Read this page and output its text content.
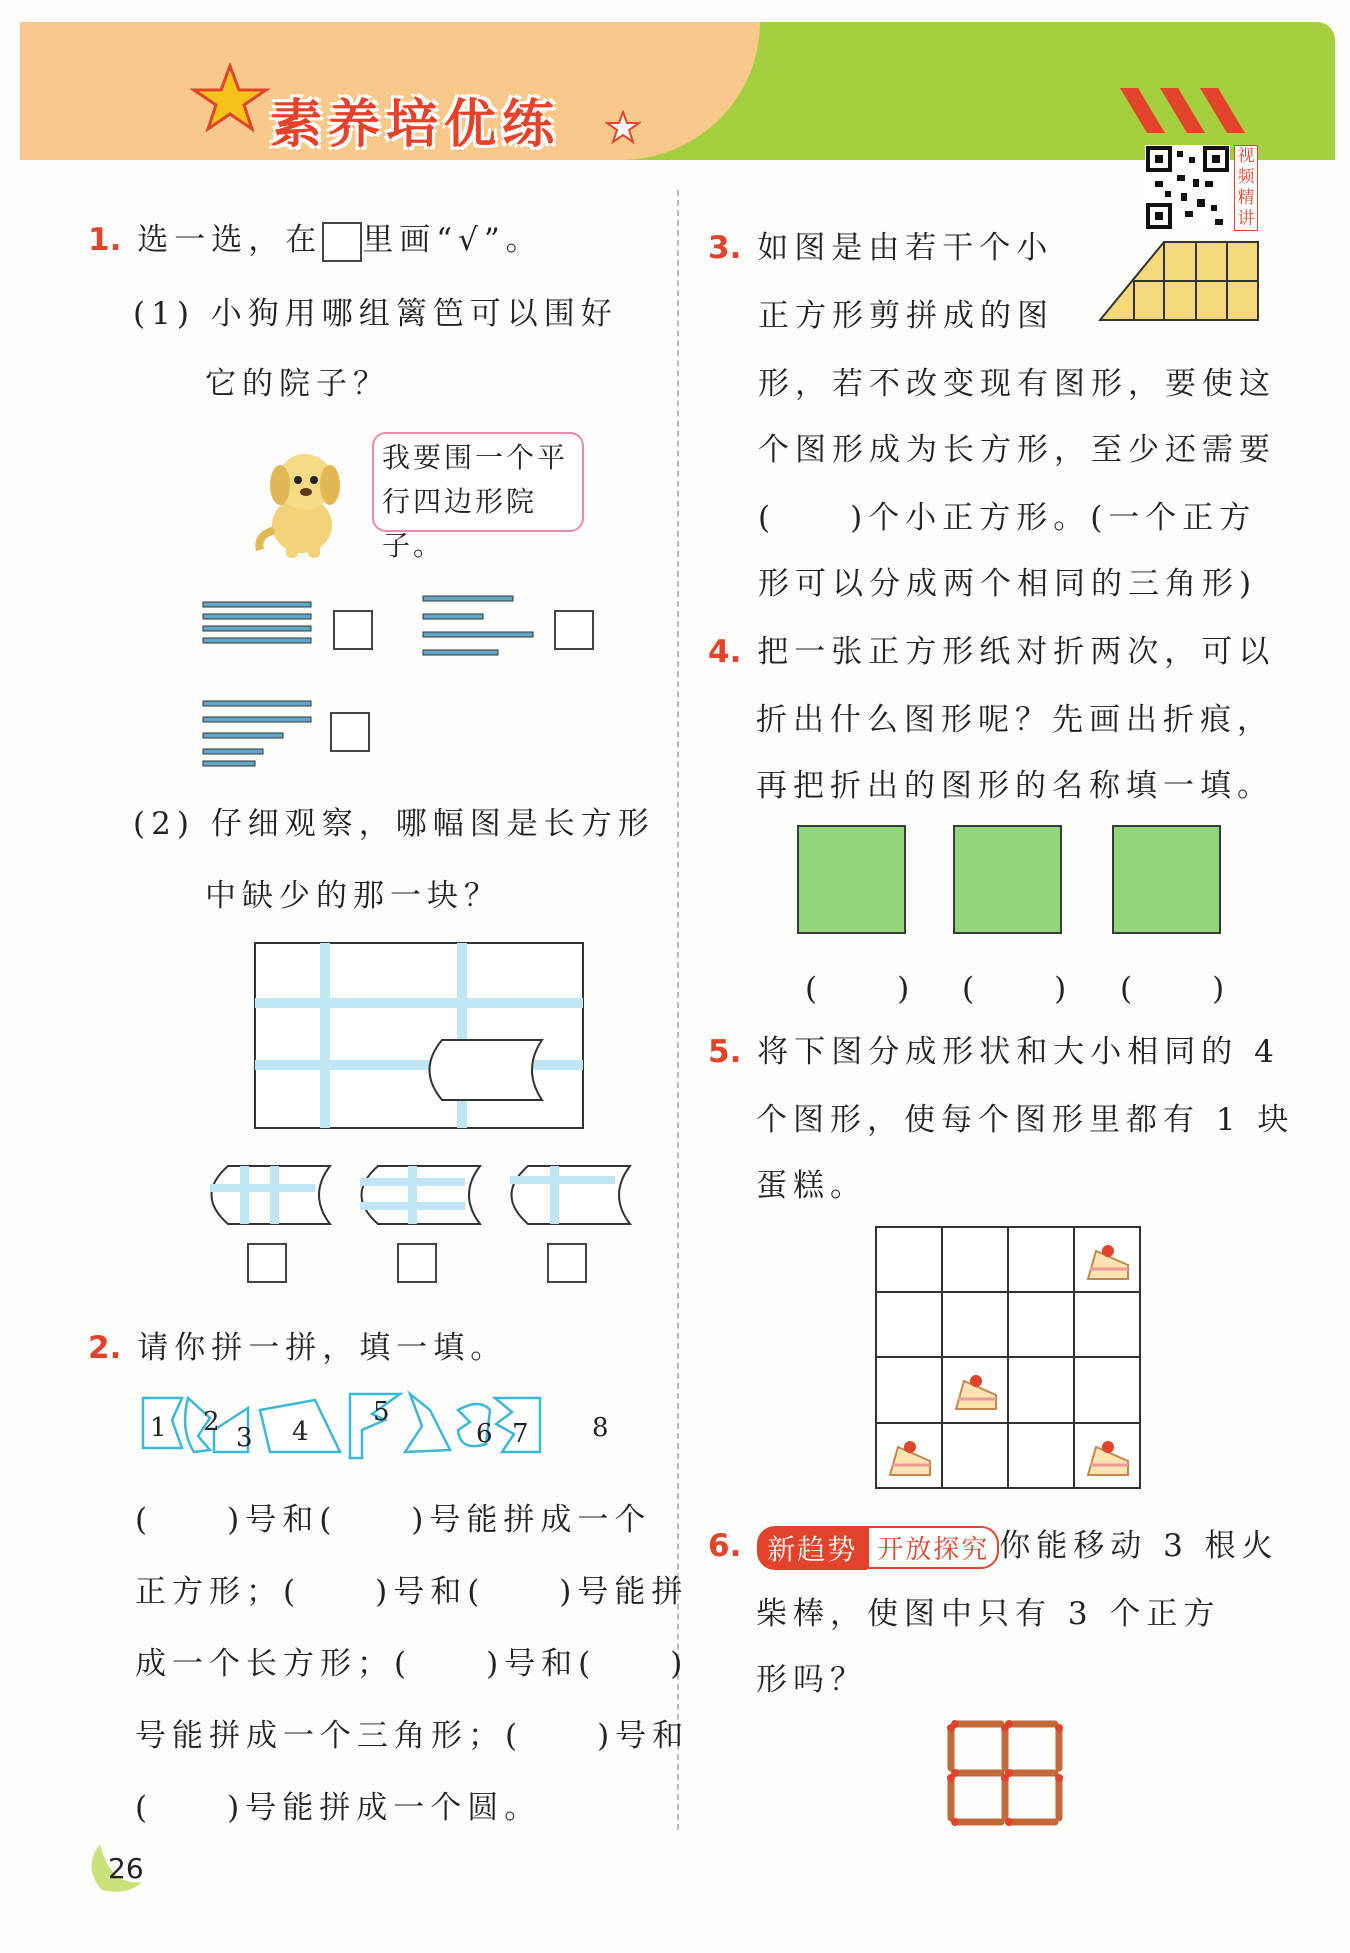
素养培优练
视频精讲
1. 选一选，在 里画“√”。
(1) 小狗用哪组篱笆可以围好
它的院子？
我要围一个平
行四边形院子。
(2) 仔细观察，哪幅图是长方形
中缺少的那一块？
2. 请你拼一拼，填一填。
1 2
3 4
5
6 7 8
(　　)号和(　　)号能拼成一个
正方形；(　　)号和(　　)号能拼
成一个长方形；(　　)号和(　　)
号能拼成一个三角形；(　　)号和
(　　)号能拼成一个圆。
3. 如图是由若干个小
正方形剪拼成的图
形，若不改变现有图形，要使这
个图形成为长方形，至少还需要
(　　)个小正方形。(一个正方
形可以分成两个相同的三角形)
4. 把一张正方形纸对折两次，可以
折出什么图形呢？先画出折痕，
再把折出的图形的名称填一填。
(　　) (　　) (　　)
5. 将下图分成形状和大小相同的 4
个图形，使每个图形里都有 1 块
蛋糕。
6. 新趋势 开放探究 你能移动 3 根火
柴棒，使图中只有 3 个正方
形吗？
26
